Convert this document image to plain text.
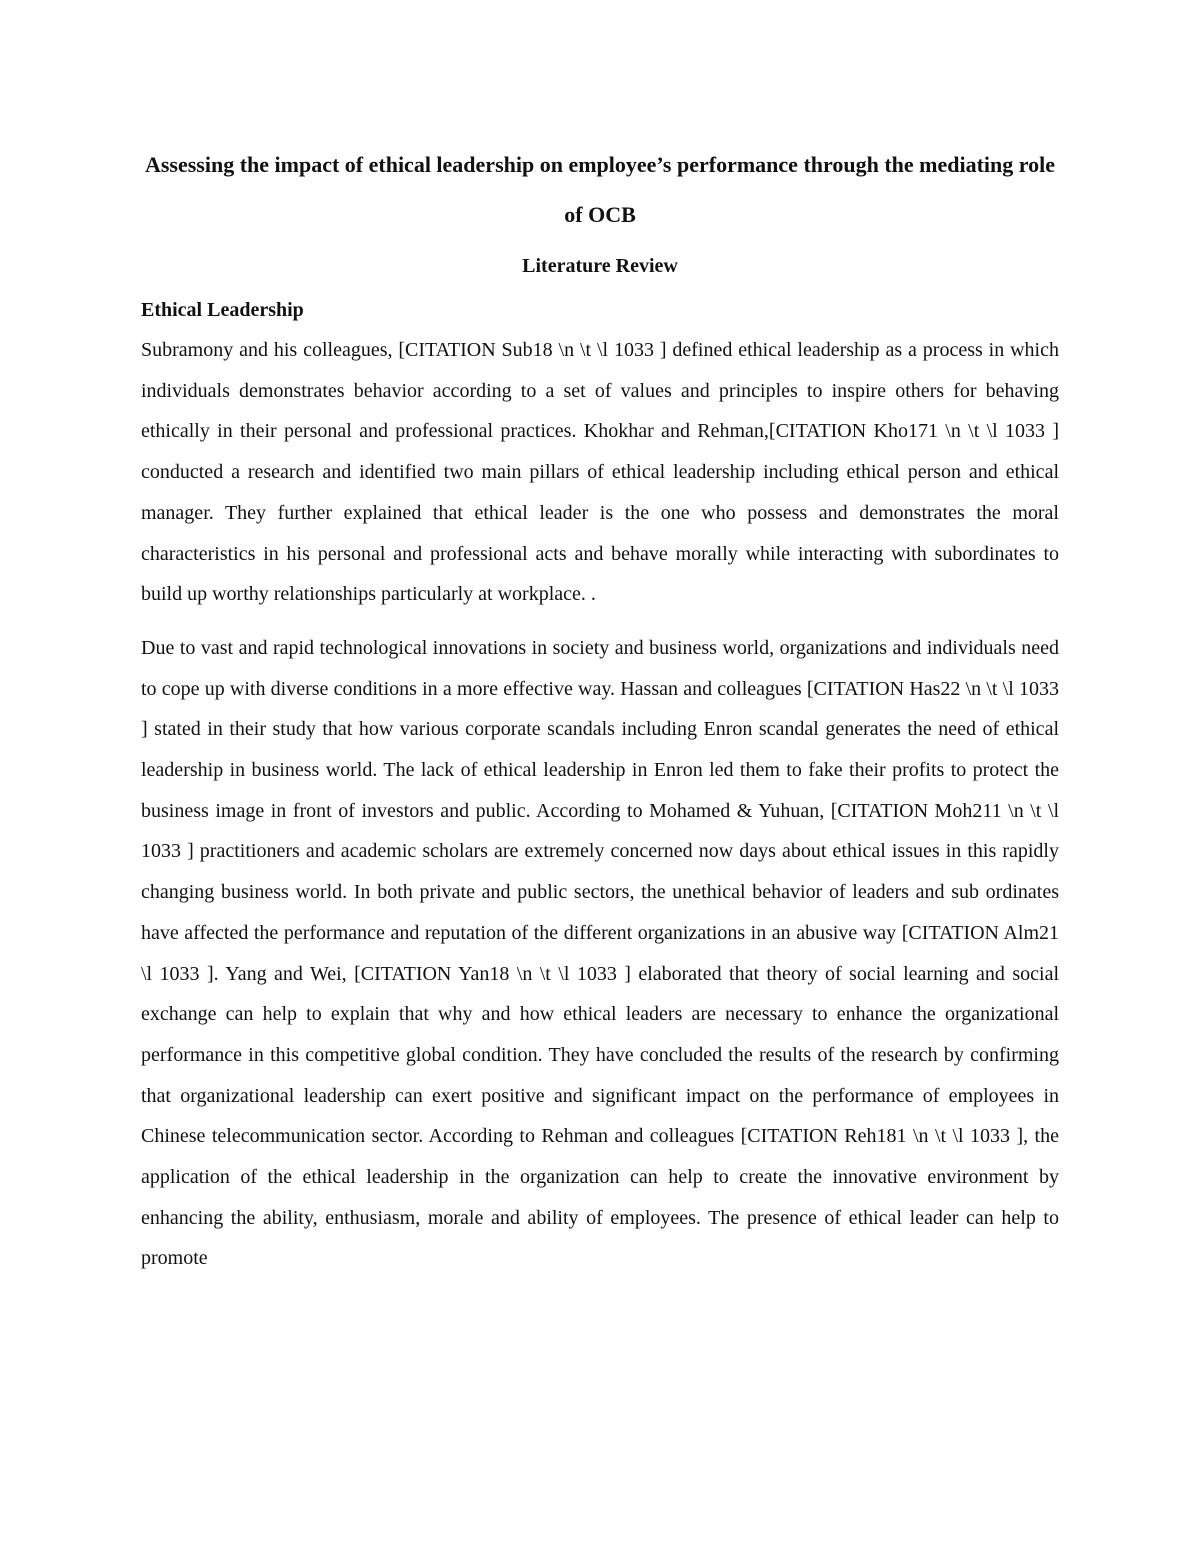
Assessing the impact of ethical leadership on employee’s performance through the mediating role of OCB
Literature Review
Ethical Leadership

Subramony and his colleagues, [CITATION Sub18 \n \t \l 1033 ] defined ethical leadership as a process in which individuals demonstrates behavior according to a set of values and principles to inspire others for behaving ethically in their personal and professional practices. Khokhar and Rehman,[CITATION Kho171 \n \t \l 1033 ] conducted a research and identified two main pillars of ethical leadership including ethical person and ethical manager. They further explained that ethical leader is the one who possess and demonstrates the moral characteristics in his personal and professional acts and behave morally while interacting with subordinates to build up worthy relationships particularly at workplace. .

Due to vast and rapid technological innovations in society and business world, organizations and individuals need to cope up with diverse conditions in a more effective way. Hassan and colleagues [CITATION Has22 \n \t \l 1033 ] stated in their study that how various corporate scandals including Enron scandal generates the need of ethical leadership in business world. The lack of ethical leadership in Enron led them to fake their profits to protect the business image in front of investors and public. According to Mohamed & Yuhuan, [CITATION Moh211 \n \t \l 1033 ] practitioners and academic scholars are extremely concerned now days about ethical issues in this rapidly changing business world. In both private and public sectors, the unethical behavior of leaders and sub ordinates have affected the performance and reputation of the different organizations in an abusive way [CITATION Alm21 \l 1033 ]. Yang and Wei, [CITATION Yan18 \n \t \l 1033 ] elaborated that theory of social learning and social exchange can help to explain that why and how ethical leaders are necessary to enhance the organizational performance in this competitive global condition. They have concluded the results of the research by confirming that organizational leadership can exert positive and significant impact on the performance of employees in Chinese telecommunication sector. According to Rehman and colleagues [CITATION Reh181 \n \t \l 1033 ], the application of the ethical leadership in the organization can help to create the innovative environment by enhancing the ability, enthusiasm, morale and ability of employees. The presence of ethical leader can help to promote
